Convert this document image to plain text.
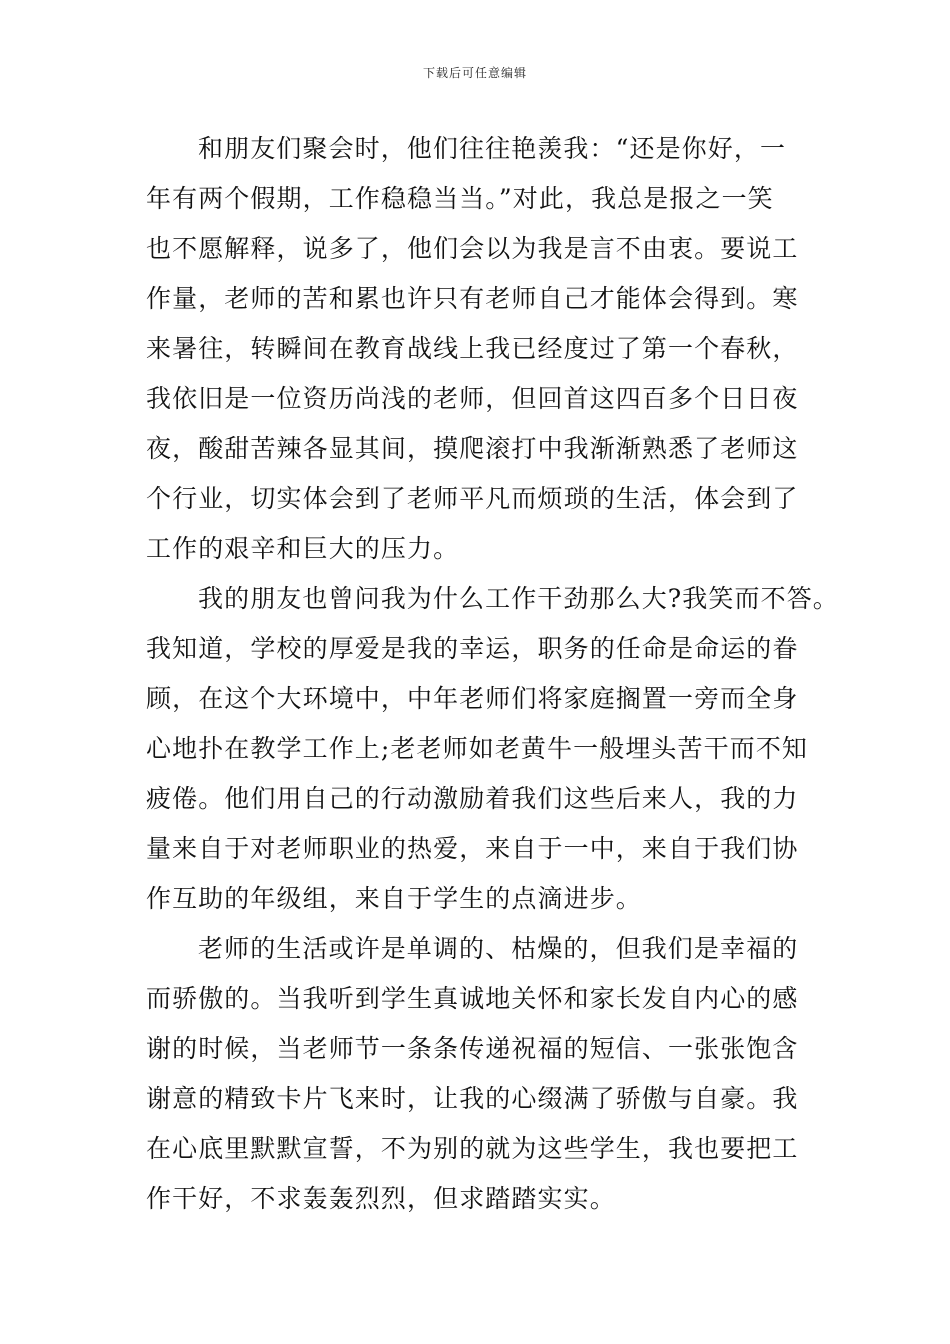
下载后可任意编辑
和朋友们聚会时，他们往往艳羡我：“还是你好，一
年有两个假期，工作稳稳当当。”对此，我总是报之一笑
也不愿解释，说多了，他们会以为我是言不由衷。要说工
作量，老师的苦和累也许只有老师自己才能体会得到。寒
来暑往，转瞬间在教育战线上我已经度过了第一个春秋，
我依旧是一位资历尚浅的老师，但回首这四百多个日日夜
夜，酸甜苦辣各显其间，摸爬滚打中我渐渐熟悉了老师这
个行业，切实体会到了老师平凡而烦琐的生活，体会到了
工作的艰辛和巨大的压力。
我的朋友也曾问我为什么工作干劲那么大?我笑而不答。
我知道，学校的厚爱是我的幸运，职务的任命是命运的眷
顾，在这个大环境中，中年老师们将家庭搁置一旁而全身
心地扑在教学工作上;老老师如老黄牛一般埋头苦干而不知
疲倦。他们用自己的行动激励着我们这些后来人，我的力
量来自于对老师职业的热爱，来自于一中，来自于我们协
作互助的年级组，来自于学生的点滴进步。
老师的生活或许是单调的、枯燥的，但我们是幸福的
而骄傲的。当我听到学生真诚地关怀和家长发自内心的感
谢的时候，当老师节一条条传递祝福的短信、一张张饱含
谢意的精致卡片飞来时，让我的心缀满了骄傲与自豪。我
在心底里默默宣誓，不为别的就为这些学生，我也要把工
作干好，不求轰轰烈烈，但求踏踏实实。
